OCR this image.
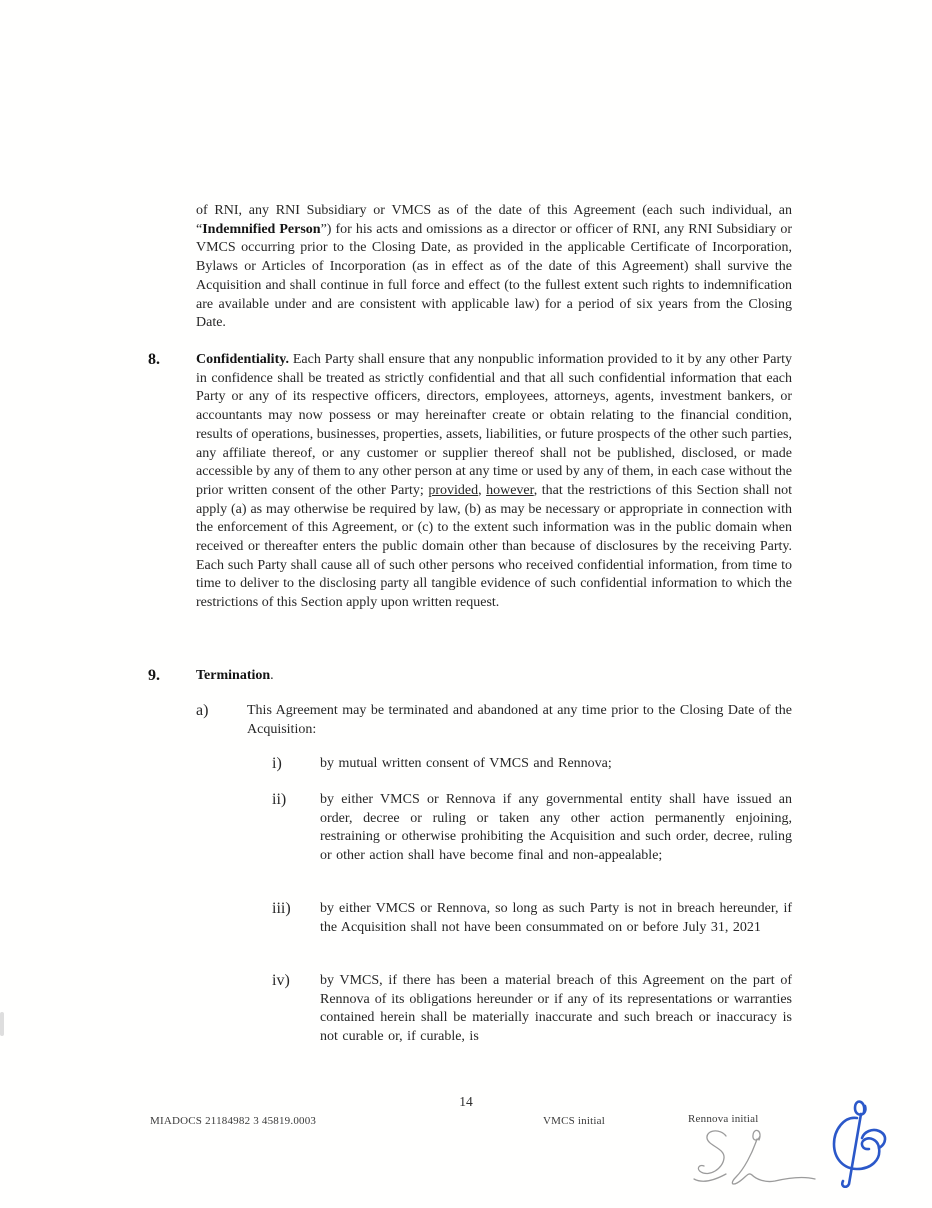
of RNI, any RNI Subsidiary or VMCS as of the date of this Agreement (each such individual, an “Indemnified Person”) for his acts and omissions as a director or officer of RNI, any RNI Subsidiary or VMCS occurring prior to the Closing Date, as provided in the applicable Certificate of Incorporation, Bylaws or Articles of Incorporation (as in effect as of the date of this Agreement) shall survive the Acquisition and shall continue in full force and effect (to the fullest extent such rights to indemnification are available under and are consistent with applicable law) for a period of six years from the Closing Date.

8.	Confidentiality. Each Party shall ensure that any nonpublic information provided to it by any other Party in confidence shall be treated as strictly confidential and that all such confidential information that each Party or any of its respective officers, directors, employees, attorneys, agents, investment bankers, or accountants may now possess or may hereinafter create or obtain relating to the financial condition, results of operations, businesses, properties, assets, liabilities, or future prospects of the other such parties, any affiliate thereof, or any customer or supplier thereof shall not be published, disclosed, or made accessible by any of them to any other person at any time or used by any of them, in each case without the prior written consent of the other Party; provided, however, that the restrictions of this Section shall not apply (a) as may otherwise be required by law, (b) as may be necessary or appropriate in connection with the enforcement of this Agreement, or (c) to the extent such information was in the public domain when received or thereafter enters the public domain other than because of disclosures by the receiving Party. Each such Party shall cause all of such other persons who received confidential information, from time to time to deliver to the disclosing party all tangible evidence of such confidential information to which the restrictions of this Section apply upon written request.

9.	Termination.

a)	This Agreement may be terminated and abandoned at any time prior to the Closing Date of the Acquisition:

i)	by mutual written consent of VMCS and Rennova;

ii)	by either VMCS or Rennova if any governmental entity shall have issued an order, decree or ruling or taken any other action permanently enjoining, restraining or otherwise prohibiting the Acquisition and such order, decree, ruling or other action shall have become final and non-appealable;

iii)	by either VMCS or Rennova, so long as such Party is not in breach hereunder, if the Acquisition shall not have been consummated on or before July 31, 2021

iv)	by VMCS, if there has been a material breach of this Agreement on the part of Rennova of its obligations hereunder or if any of its representations or warranties contained herein shall be materially inaccurate and such breach or inaccuracy is not curable or, if curable, is

14
MIADOCS 21184982 3 45819.0003	VMCS initial	Rennova initial
